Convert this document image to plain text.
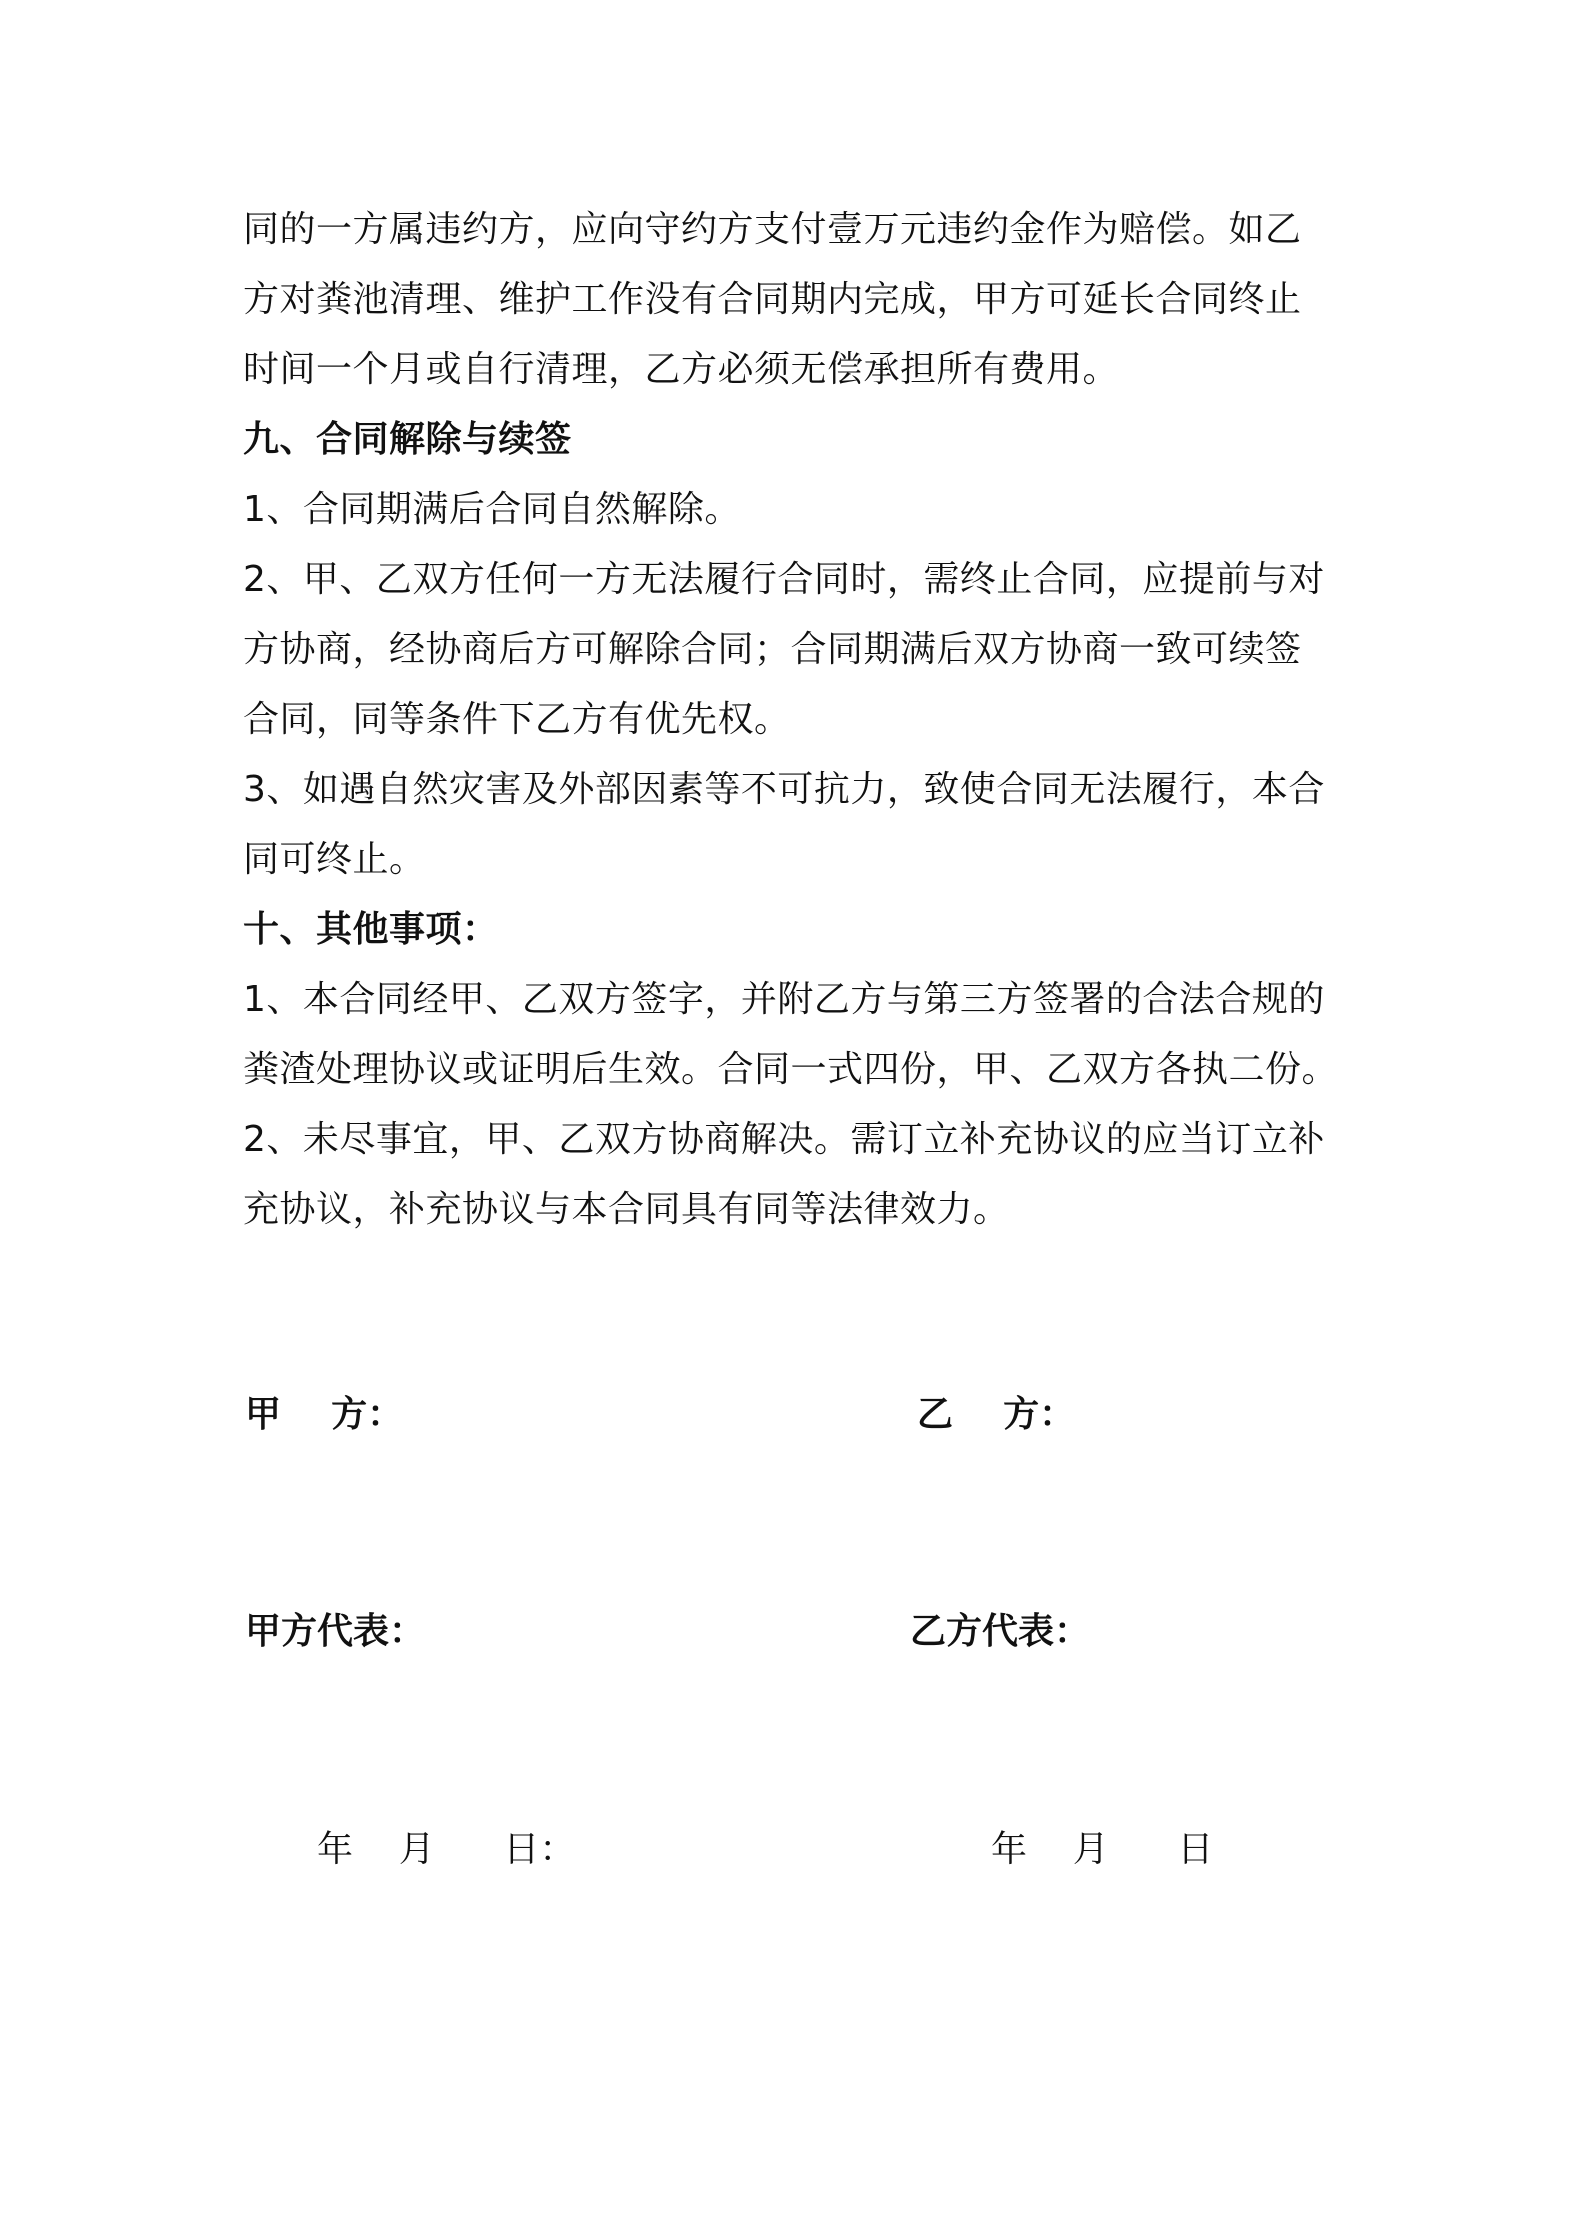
同的一方属违约方，应向守约方支付壹万元违约金作为赔偿。如乙
方对粪池清理、维护工作没有合同期内完成，甲方可延长合同终止
时间一个月或自行清理，乙方必须无偿承担所有费用。
九、合同解除与续签
1、合同期满后合同自然解除。
2、甲、乙双方任何一方无法履行合同时，需终止合同，应提前与对
方协商，经协商后方可解除合同；合同期满后双方协商一致可续签
合同，同等条件下乙方有优先权。
3、如遇自然灾害及外部因素等不可抗力，致使合同无法履行，本合
同可终止。
十、其他事项：
1、本合同经甲、乙双方签字，并附乙方与第三方签署的合法合规的
粪渣处理协议或证明后生效。合同一式四份，甲、乙双方各执二份。
2、未尽事宜，甲、乙双方协商解决。需订立补充协议的应当订立补
充协议，补充协议与本合同具有同等法律效力。
甲    方：	乙    方：
甲方代表：	乙方代表：
年    月      日：	年    月      日
